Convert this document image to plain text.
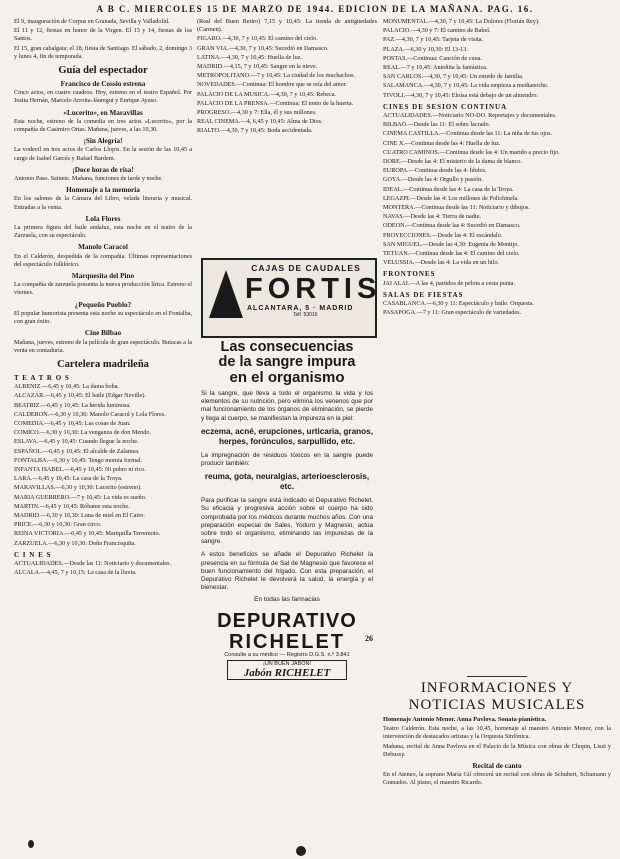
A B C. MIERCOLES 15 DE MARZO DE 1944. EDICION DE LA MAÑANA. PAG. 16.

El 9, inauguración de Corpus en Granada, Sevilla y Valladolid.

El 11 y 12, fiestas en honor de la Virgen. El 13 y 14, fiestas de los Santos.

El 15, gran cabalgata; el 18, fiesta de Santiago. El sábado, 2, domingo 3 y lunes 4, fin de temporada.

Guía del espectador
Francisco de Cossio estrena

Cinco actos, en cuatro cuadros. Hoy, estreno en el teatro Español. Por Josita Hernán, Marcelo Arroita-Jáuregui y Enrique Ayuso.

«Lucerito», en Maravillas

Esta noche, estreno de la comedia en tres actos «Lucerito», por la compañía de Casimiro Ortas. Mañana, jueves, a las 10,30.

¡Sin Alegría!

La vodevil en tres actos de Carlos Llopis. En la sesión de las 10,45 a cargo de Isabel Garcés y Rafael Bardem.

¡Doce horas de risa!

Antonio Paso. Sainete. Mañana, funciones de tarde y noche.

Homenaje a la memoria

En los salones de la Cámara del Libro, velada literaria y musical. Entradas a la venta.

Lola Flores

La primera figura del baile andaluz, esta noche en el teatro de la Zarzuela, con su espectáculo.

Manolo Caracol

En el Calderón, despedida de la compañía. Últimas representaciones del espectáculo folklórico.

Marquesita del Pino

La compañía de zarzuela presenta la nueva producción lírica. Estreno el viernes.

¿Pequeño Pueblo?

El popular humorista presenta esta noche su espectáculo en el Fontalba, con gran éxito.

Cine Bilbao

Mañana, jueves, estreno de la película de gran espectáculo. Butacas a la venta en contaduría.

Cartelera madrileña
T E A T R O S

ALBENIZ.—6,45 y 10,45: La dama boba.

ALCAZAR.—6,45 y 10,45: El baile (Edgar Neville).

BEATRIZ.—6,45 y 10,45: La herida luminosa.

CALDERON.—6,30 y 10,30: Manolo Caracol y Lola Flores.

COMEDIA.—6,45 y 10,45: Las cosas de Juan.

COMICO.—6,30 y 10,30: La venganza de don Mendo.

ESLAVA.—6,45 y 10,45: Cuando llegue la noche.

ESPAÑOL.—6,45 y 10,45: El alcalde de Zalamea.

FONTALBA.—6,30 y 10,45: Tengo momia formal.

INFANTA ISABEL.—6,45 y 10,45: Ni pobre ni rico.

LARA.—6,45 y 10,45: La casa de la Troya.

MARAVILLAS.—6,30 y 10,30: Lucerito (estreno).

MARIA GUERRERO.—7 y 10,45: La vida es sueño.

MARTIN.—6,45 y 10,45: Róbame esta noche.

MADRID.—6,30 y 10,30: Luna de miel en El Cairo.

PRICE.—6,30 y 10,30: Gran circo.

REINA VICTORIA.—6,45 y 10,45: Mariquilla Terremoto.

ZARZUELA.—6,30 y 10,30: Doña Francisquita.

C I N E S

ACTUALIDADES.—Desde las 11: Noticiario y documentales.

ALCALA.—4,45, 7 y 10,15: La casa de la lluvia.

(Real del Buen Retiro) 7,15 y 10,45: La tienda de antigüedades (Carmen).

FIGARO.—4,30, 7 y 10,45: El camino del cielo.

GRAN VIA.—4,30, 7 y 10,45: Sucedió en Damasco.

LATINA.—4,30, 7 y 10,45: Huella de luz.

MADRID.—4,15, 7 y 10,45: Sangre en la nieve.

METROPOLITANO.—7 y 10,45: La ciudad de los muchachos.

NOVEDADES.—Continua: El hombre que se reía del amor.

PALACIO DE LA MUSICA.—4,30, 7 y 10,45: Rebeca.

PALACIO DE LA PRENSA.—Continua: El tonto de la huerta.

PROGRESO.—4,30 y 7: Ella, él y sus millones.

REAL CINEMA.—4, 6,45 y 10,45: Alma de Dios.

RIALTO.—4,30, 7 y 10,45: Boda accidentada.

CAJAS DE CAUDALES
FORTIS
ALCANTARA, 5 · MADRID
Telf. 53016

Las consecuencias

de la sangre impura

en el organismo

Si la sangre, que lleva a todo el organismo la vida y los elementos de su nutrición, pero elimina los venenos que por mal funcionamiento de los órganos de eliminación, se pierde y llega al cuerpo, se manifiestan la impureza en la piel:

eczema, acné, erupciones, urticaria, granos, herpes, forúnculos, sarpullido, etc.

La impregnación de residuos tóxicos en la sangre puede producir también:

reuma, gota, neuralgias, arterioesclerosis, etc.

Para purificar la sangre está indicado el Depurativo Richelet. Su eficacia y progresiva acción sobre el cuerpo ha sido comprobada por los médicos durante muchos años. Con una preparación especial de Sales, Yoduro y Magnesio, actúa sobre todo el organismo, eliminando las impurezas de la sangre.

A estos beneficios se añade el Depurativo Richelet la presencia en su fórmula de Sal de Magnesio que favorece el buen funcionamiento del hígado. Con esta preparación, el Depurativo Richelet le devolverá la salud, la energía y el bienestar.

En todas las farmacias

DEPURATIVO
RICHELET	26
Consulte a su médico — Registro D.G.S. n.º 3.841
¡UN BUEN JABÓN!
Jabón RICHELET

MONUMENTAL.—4,30, 7 y 10,45: La Dolores (Florián Rey).

PALACIO.—4,30 y 7: El camino de Babel.

PAZ.—4,30, 7 y 10,45: Tarjeta de visita.

PLAZA.—6,30 y 10,30: El 13-13.

POSTAS.—Continua: Canción de cuna.

REAL.—7 y 10,45: Antoñita la fantástica.

SAN CARLOS.—4,30, 7 y 10,45: Un enredo de familia.

SALAMANCA.—4,30, 7 y 10,45: La vida empieza a medianoche.

TIVOLI.—4,30, 7 y 10,45: Eloísa está debajo de un almendro.

CINES DE SESION CONTINUA

ACTUALIDADES.—Noticiario NO-DO. Reportajes y documentales.

BILBAO.—Desde las 11: El sobre lacrado.

CINEMA CASTILLA.—Continua desde las 11: La niña de tus ojos.

CINE X.—Continua desde las 4: Huella de luz.

CUATRO CAMINOS.—Continua desde las 4: Un marido a precio fijo.

DORE.—Desde las 4: El misterio de la dama de blanco.

EUROPA.—Continua desde las 4: Ídolos.

GOYA.—Desde las 4: Orgullo y pasión.

IDEAL.—Continua desde las 4: La casa de la Troya.

LEGAZPI.—Desde las 4: Los millones de Polichinela.

MONTERA.—Continua desde las 11: Noticiario y dibujos.

NAVAS.—Desde las 4: Tierra de nadie.

ODEON.—Continua desde las 4: Sucedió en Damasco.

PROYECCIONES.—Desde las 4: El escándalo.

SAN MIGUEL.—Desde las 4,30: Eugenia de Montijo.

TETUAN.—Continua desde las 4: El camino del cielo.

VELUSSIA.—Desde las 4: La vida en un hilo.

FRONTONES

JAI ALAI.—A las 4, partidos de pelota a cesta punta.

SALAS DE FIESTAS

CASABLANCA.—6,30 y 11: Espectáculo y baile. Orquesta.

PASAPOGA.—7 y 11: Gran espectáculo de variedades.

INFORMACIONES Y

NOTICIAS MUSICALES

Homenaje Antonio Menor. Anna Pavlova. Sonata pianística.

Teatro Calderón. Esta noche, a las 10,45, homenaje al maestro Antonio Menor, con la intervención de destacados artistas y la Orquesta Sinfónica.

Mañana, recital de Anna Pavlova en el Palacio de la Música con obras de Chopin, Liszt y Debussy.

Recital de canto

En el Ateneo, la soprano María Gil ofrecerá un recital con obras de Schubert, Schumann y Granados. Al piano, el maestro Ricardo.
